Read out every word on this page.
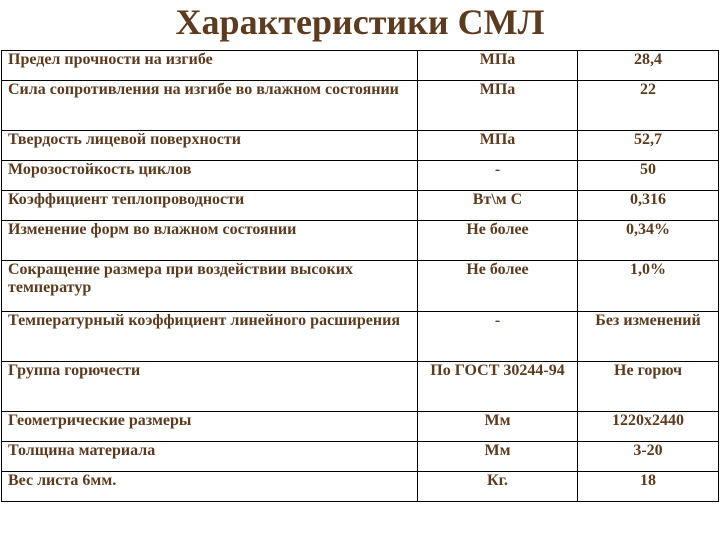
Характеристики СМЛ
Предел прочности на изгибе	МПа	28,4
Сила сопротивления на изгибе во влажном состоянии	МПа	22
Твердость лицевой поверхности	МПа	52,7
Морозостойкость циклов	-	50
Коэффициент теплопроводности	Вт\м С	0,316
Изменение форм во влажном состоянии	Не более	0,34%
Сокращение размера при воздействии высоких температур	Не более	1,0%
Температурный коэффициент линейного расширения	-	Без изменений
Группа горючести	По ГОСТ 30244-94	Не горюч
Геометрические размеры	Мм	1220х2440
Толщина материала	Мм	3-20
Вес листа 6мм.	Кг.	18
